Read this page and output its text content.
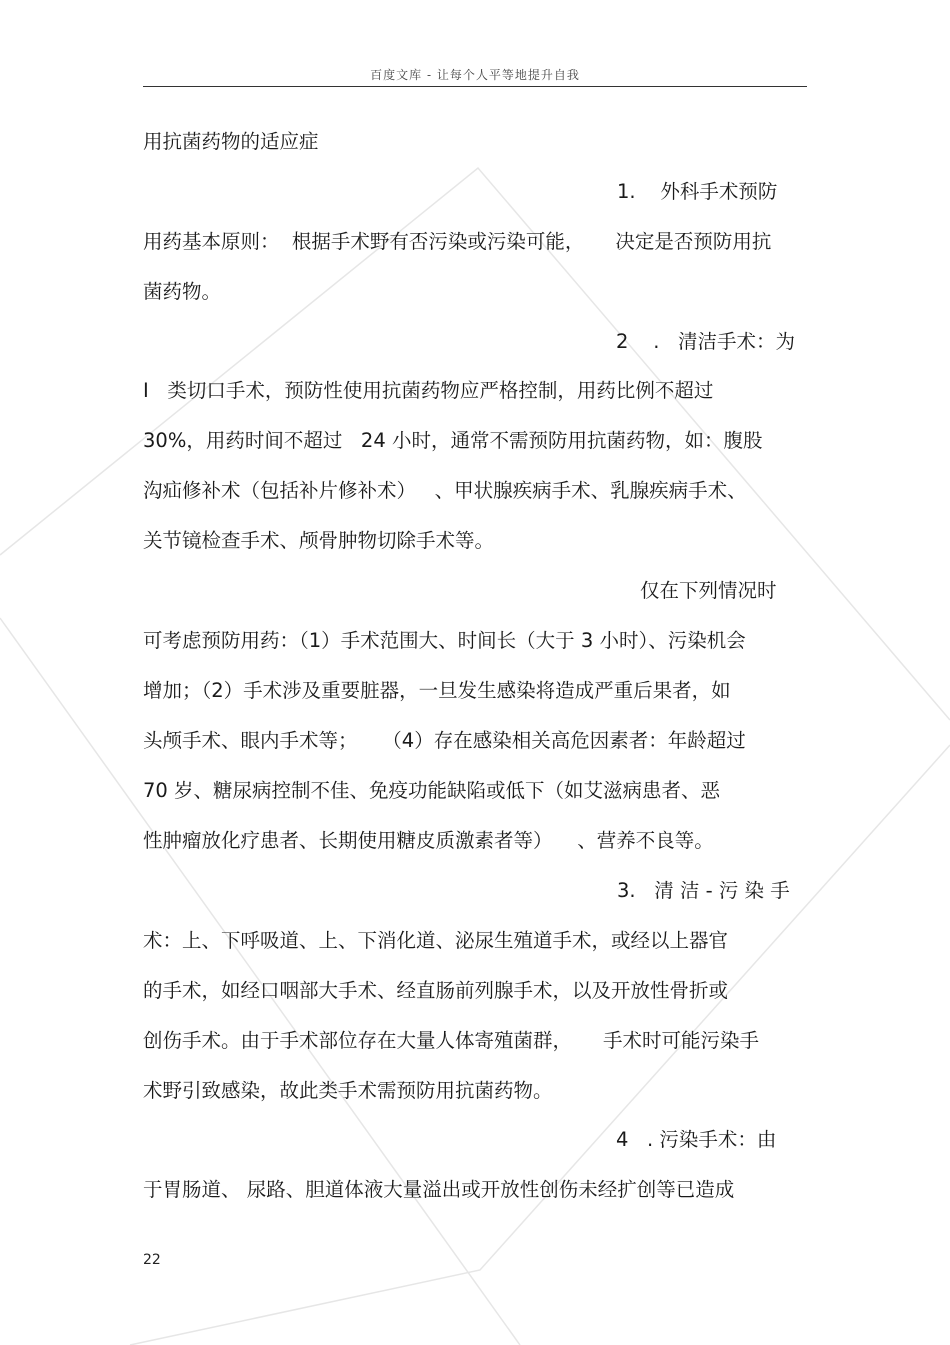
百度文库 - 让每个人平等地提升自我
用抗菌药物的适应症
1.    外科手术预防
用药基本原则：  根据手术野有否污染或污染可能，     决定是否预防用抗
菌药物。
2    .   清洁手术：为
I   类切口手术，预防性使用抗菌药物应严格控制，用药比例不超过
30%，用药时间不超过   24 小时，通常不需预防用抗菌药物，如：腹股
沟疝修补术（包括补片修补术）   、甲状腺疾病手术、乳腺疾病手术、
关节镜检查手术、颅骨肿物切除手术等。
仅在下列情况时
可考虑预防用药：（1）手术范围大、时间长（大于 3 小时）、污染机会
增加；（2）手术涉及重要脏器，一旦发生感染将造成严重后果者，如
头颅手术、眼内手术等；    （4）存在感染相关高危因素者：年龄超过
70 岁、糖尿病控制不佳、免疫功能缺陷或低下（如艾滋病患者、恶
性肿瘤放化疗患者、长期使用糖皮质激素者等）    、营养不良等。
3.   清 洁 - 污 染 手
术：上、下呼吸道、上、下消化道、泌尿生殖道手术，或经以上器官
的手术，如经口咽部大手术、经直肠前列腺手术，以及开放性骨折或
创伤手术。由于手术部位存在大量人体寄殖菌群，     手术时可能污染手
术野引致感染，故此类手术需预防用抗菌药物。
4   . 污染手术：由
于胃肠道、 尿路、胆道体液大量溢出或开放性创伤未经扩创等已造成
22
